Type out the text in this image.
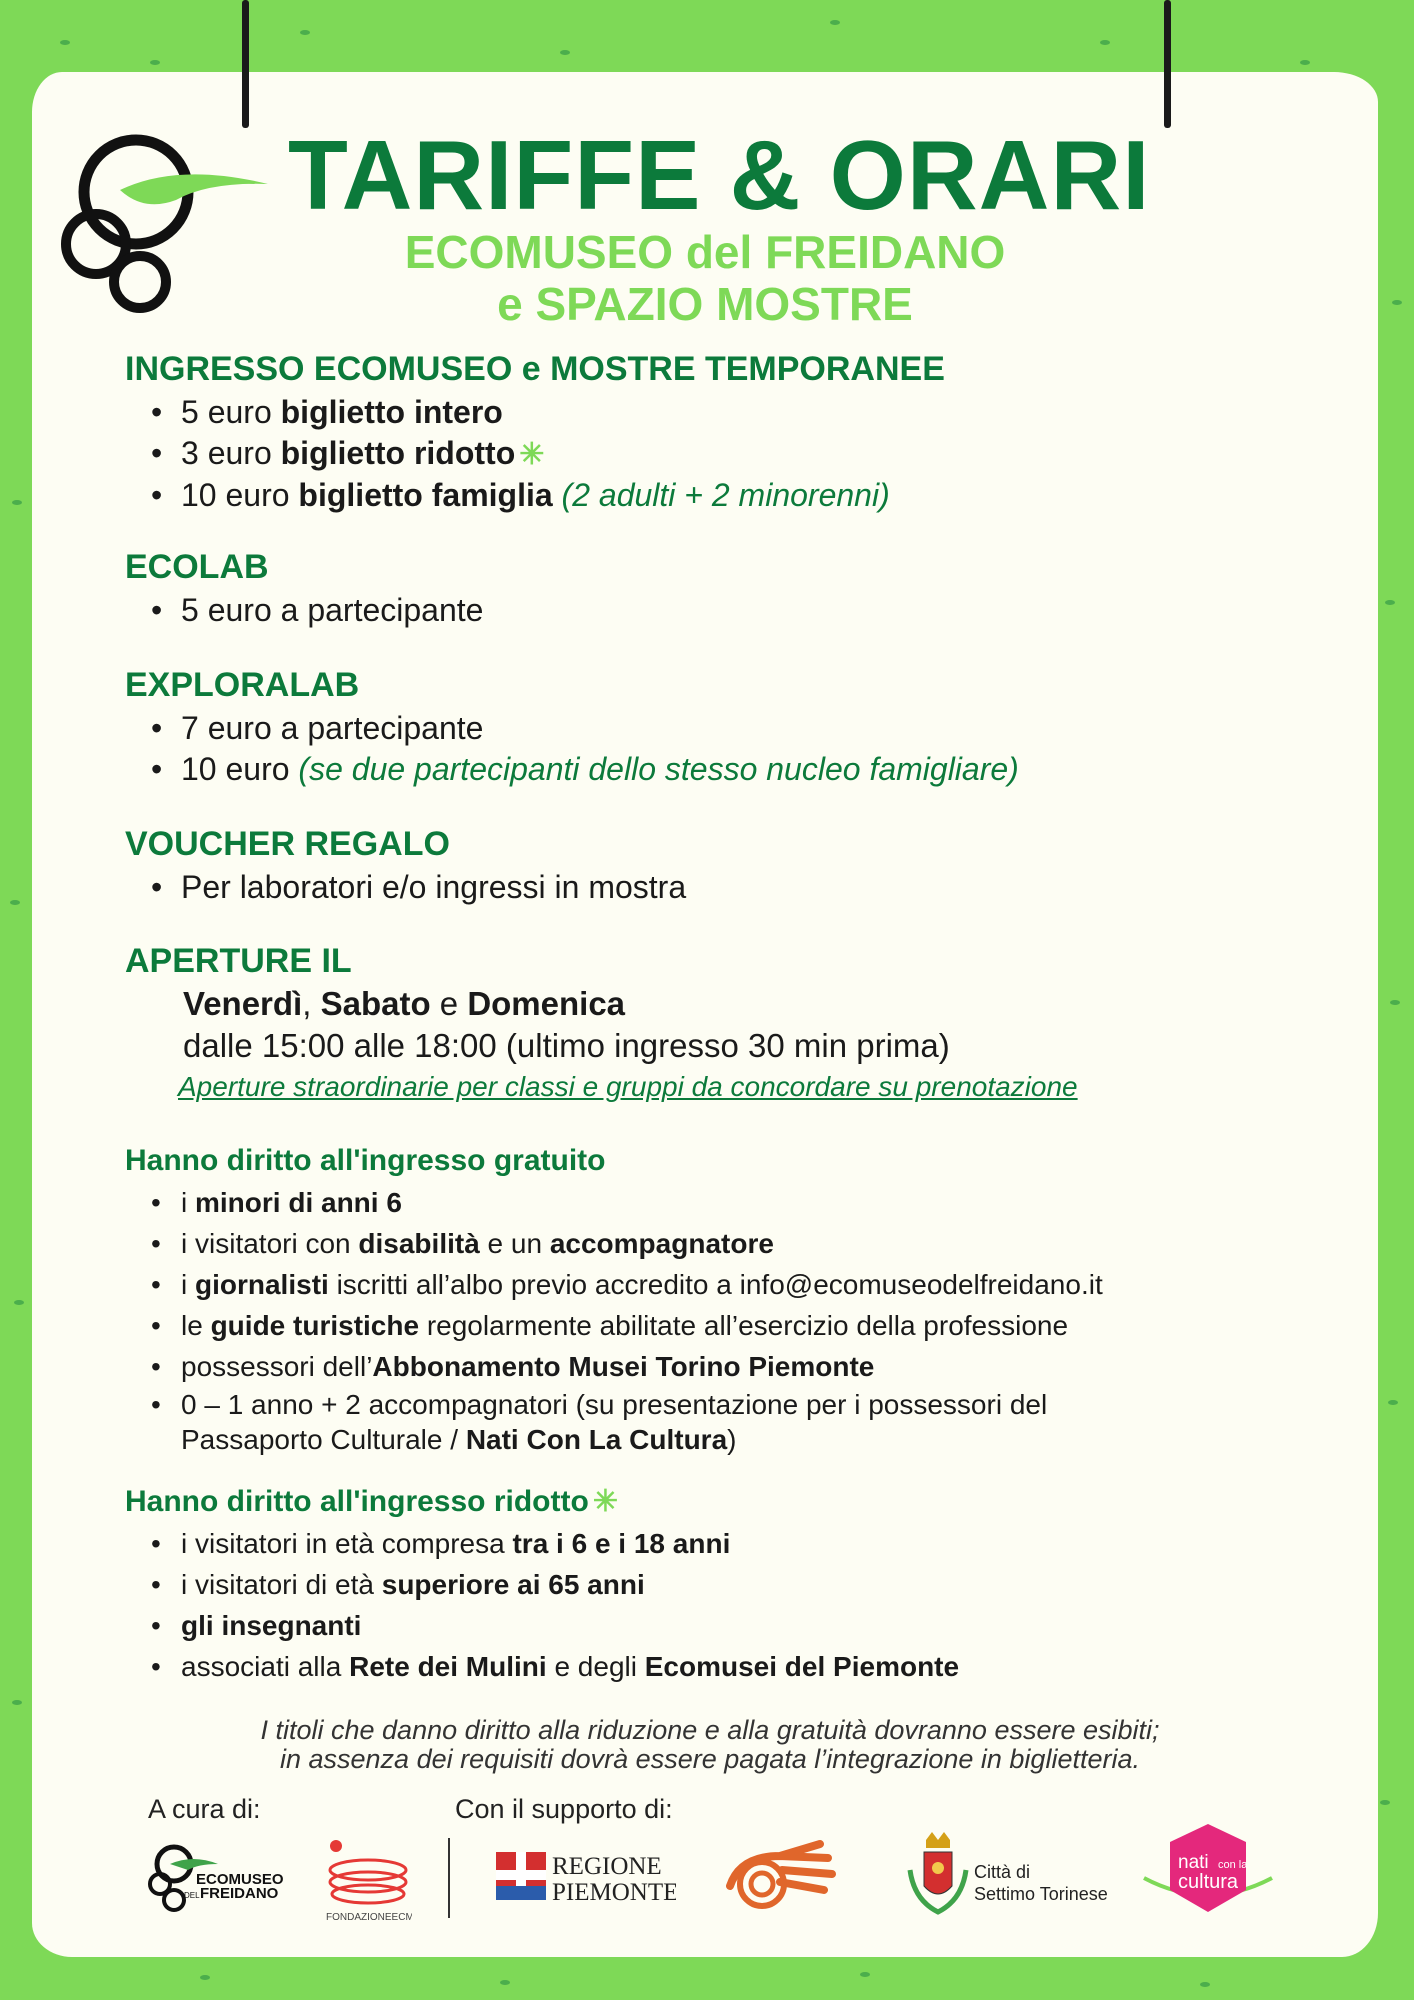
TARIFFE & ORARI
ECOMUSEO del FREIDANO
e SPAZIO MOSTRE
INGRESSO ECOMUSEO e MOSTRE TEMPORANEE
• 5 euro biglietto intero
• 3 euro biglietto ridotto ✳
• 10 euro biglietto famiglia (2 adulti + 2 minorenni)
ECOLAB
• 5 euro a partecipante
EXPLORALAB
• 7 euro a partecipante
• 10 euro (se due partecipanti dello stesso nucleo famigliare)
VOUCHER REGALO
• Per laboratori e/o ingressi in mostra
APERTURE IL
Venerdì, Sabato e Domenica
dalle 15:00 alle 18:00 (ultimo ingresso 30 min prima)
Aperture straordinarie per classi e gruppi da concordare su prenotazione
Hanno diritto all'ingresso gratuito
• i minori di anni 6
• i visitatori con disabilità e un accompagnatore
• i giornalisti iscritti all’albo previo accredito a info@ecomuseodelfreidano.it
• le guide turistiche regolarmente abilitate all’esercizio della professione
• possessori dell’Abbonamento Musei Torino Piemonte
• 0 – 1 anno + 2 accompagnatori (su presentazione per i possessori del
Passaporto Culturale / Nati Con La Cultura)
Hanno diritto all'ingresso ridotto ✳
• i visitatori in età compresa tra i 6 e i 18 anni
• i visitatori di età superiore ai 65 anni
• gli insegnanti
• associati alla Rete dei Mulini e degli Ecomusei del Piemonte
I titoli che danno diritto alla riduzione e alla gratuità dovranno essere esibiti;
in assenza dei requisiti dovrà essere pagata l’integrazione in biglietteria.
A cura di:	Con il supporto di:
ECOMUSEO
DEL FREIDANO
FONDAZIONEECM
REGIONE
PIEMONTE
Città di
Settimo Torinese
nati con la
cultura
